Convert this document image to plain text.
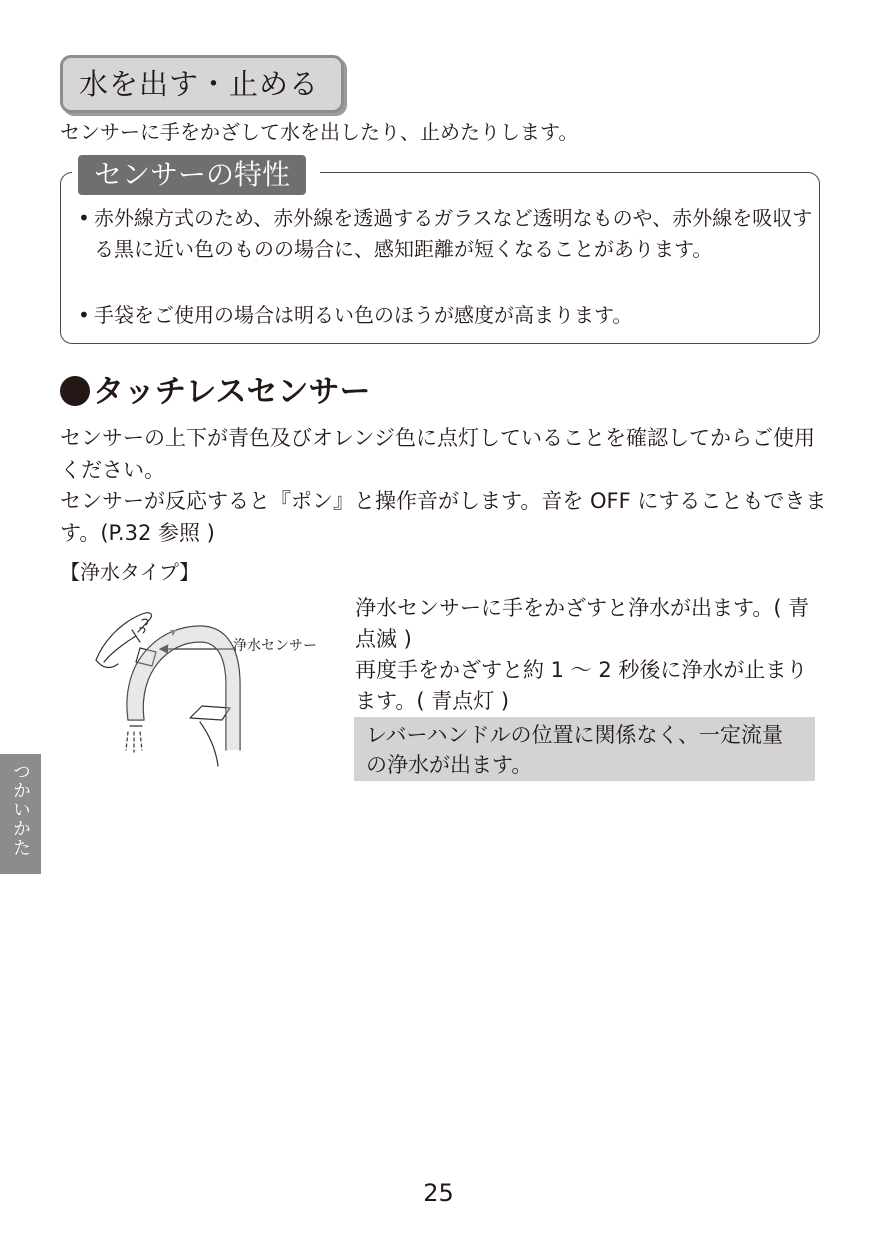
水を出す・止める
センサーに手をかざして水を出したり、止めたりします。
センサーの特性
• 赤外線方式のため、赤外線を透過するガラスなど透明なものや、赤外線を吸収する黒に近い色のものの場合に、感知距離が短くなることがあります。
• 手袋をご使用の場合は明るい色のほうが感度が高まります。
タッチレスセンサー
センサーの上下が青色及びオレンジ色に点灯していることを確認してからご使用ください。
センサーが反応すると『ポン』と操作音がします。音を OFF にすることもできます。(P.32 参照 )
【浄水タイプ】
浄水センサー
浄水センサーに手をかざすと浄水が出ます。( 青点滅 )
再度手をかざすと約 1 ～ 2 秒後に浄水が止まります。( 青点灯 )
レバーハンドルの位置に関係なく、一定流量の浄水が出ます。
つかいかた
25
